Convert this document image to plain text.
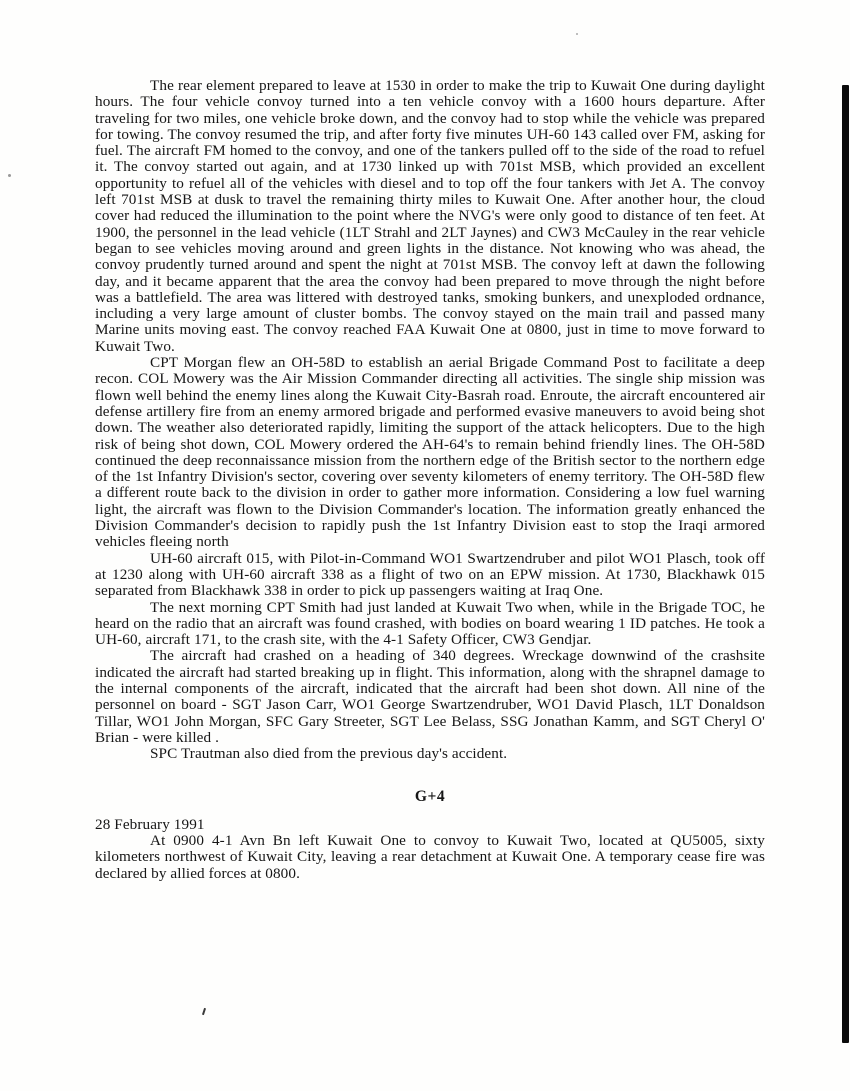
The rear element prepared to leave at 1530 in order to make the trip to Kuwait One during daylight hours. The four vehicle convoy turned into a ten vehicle convoy with a 1600 hours departure. After traveling for two miles, one vehicle broke down, and the convoy had to stop while the vehicle was prepared for towing. The convoy resumed the trip, and after forty five minutes UH-60 143 called over FM, asking for fuel. The aircraft FM homed to the convoy, and one of the tankers pulled off to the side of the road to refuel it. The convoy started out again, and at 1730 linked up with 701st MSB, which provided an excellent opportunity to refuel all of the vehicles with diesel and to top off the four tankers with Jet A. The convoy left 701st MSB at dusk to travel the remaining thirty miles to Kuwait One. After another hour, the cloud cover had reduced the illumination to the point where the NVG's were only good to distance of ten feet. At 1900, the personnel in the lead vehicle (1LT Strahl and 2LT Jaynes) and CW3 McCauley in the rear vehicle began to see vehicles moving around and green lights in the distance. Not knowing who was ahead, the convoy prudently turned around and spent the night at 701st MSB. The convoy left at dawn the following day, and it became apparent that the area the convoy had been prepared to move through the night before was a battlefield. The area was littered with destroyed tanks, smoking bunkers, and unexploded ordnance, including a very large amount of cluster bombs. The convoy stayed on the main trail and passed many Marine units moving east. The convoy reached FAA Kuwait One at 0800, just in time to move forward to Kuwait Two.

CPT Morgan flew an OH-58D to establish an aerial Brigade Command Post to facilitate a deep recon. COL Mowery was the Air Mission Commander directing all activities. The single ship mission was flown well behind the enemy lines along the Kuwait City-Basrah road. Enroute, the aircraft encountered air defense artillery fire from an enemy armored brigade and performed evasive maneuvers to avoid being shot down. The weather also deteriorated rapidly, limiting the support of the attack helicopters. Due to the high risk of being shot down, COL Mowery ordered the AH-64's to remain behind friendly lines. The OH-58D continued the deep reconnaissance mission from the northern edge of the British sector to the northern edge of the 1st Infantry Division's sector, covering over seventy kilometers of enemy territory. The OH-58D flew a different route back to the division in order to gather more information. Considering a low fuel warning light, the aircraft was flown to the Division Commander's location. The information greatly enhanced the Division Commander's decision to rapidly push the 1st Infantry Division east to stop the Iraqi armored vehicles fleeing north

UH-60 aircraft 015, with Pilot-in-Command WO1 Swartzendruber and pilot WO1 Plasch, took off at 1230 along with UH-60 aircraft 338 as a flight of two on an EPW mission. At 1730, Blackhawk 015 separated from Blackhawk 338 in order to pick up passengers waiting at Iraq One.

The next morning CPT Smith had just landed at Kuwait Two when, while in the Brigade TOC, he heard on the radio that an aircraft was found crashed, with bodies on board wearing 1 ID patches. He took a UH-60, aircraft 171, to the crash site, with the 4-1 Safety Officer, CW3 Gendjar.

The aircraft had crashed on a heading of 340 degrees. Wreckage downwind of the crashsite indicated the aircraft had started breaking up in flight. This information, along with the shrapnel damage to the internal components of the aircraft, indicated that the aircraft had been shot down. All nine of the personnel on board - SGT Jason Carr, WO1 George Swartzendruber, WO1 David Plasch, 1LT Donaldson Tillar, WO1 John Morgan, SFC Gary Streeter, SGT Lee Belass, SSG Jonathan Kamm, and SGT Cheryl O' Brian - were killed .

SPC Trautman also died from the previous day's accident.

G+4

28 February 1991

At 0900 4-1 Avn Bn left Kuwait One to convoy to Kuwait Two, located at QU5005, sixty kilometers northwest of Kuwait City, leaving a rear detachment at Kuwait One. A temporary cease fire was declared by allied forces at 0800.
